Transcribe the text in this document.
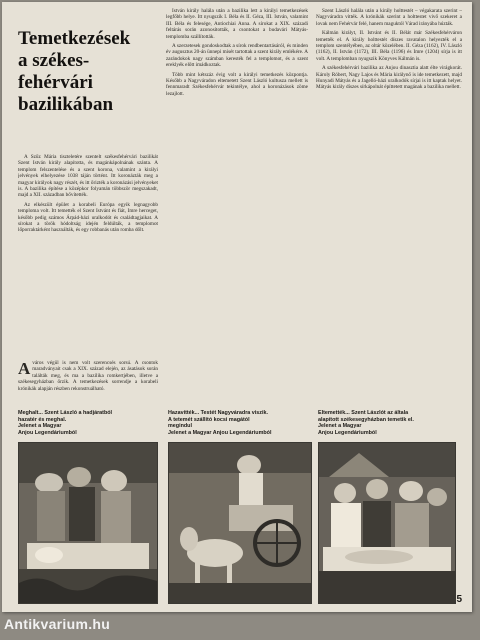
Temetkezések
a székes-
fehérvári
bazilikában

A Szűz Mária tiszteletére szentelt székesfehérvári bazilikát Szent István király alapította, és magánkápolnának szánta. A templom felszentelése és a szent korona, valamint a királyi jelvények elhelyezése 1038 táján történt. Itt koronázták meg a magyar királyok nagy részét, és itt őrizték a koronázási jelvényeket is. A bazilika építése a középkor folyamán többször megszakadt, majd a XII. században bővítették.

Az elkészült épület a korabeli Európa egyik legnagyobb temploma volt. Itt temették el Szent Istvánt és fiát, Imre herceget, később pedig számos Árpád-házi uralkodót és családtagjaikat. A sírokat a török hódoltság idején feldúlták, a templomot lőporraktárként használták, és egy robbanás után romba dőlt.

Aváros végül is nem volt szerencsés sorsú. A csontok maradványait csak a XIX. század elején, az ásatások során találták meg, és ma a bazilika romkertjében, illetve a székesegyházban őrzik. A temetkezések sorrendje a korabeli krónikák alapján részben rekonstruálható.

István király halála után a bazilika lett a királyi temetkezések legfőbb helye. Itt nyugszik I. Béla és II. Géza, III. István, valamint III. Béla és felesége, Antiochiai Anna. A sírokat a XIX. századi feltárás során azonosították, a csontokat a budavári Mátyás-templomba szállították.

A szerzetesek gondoskodtak a sírok rendbentartásáról, és minden év augusztus 20-án ünnepi misét tartottak a szent király emlékére. A zarándokok nagy számban keresték fel a templomot, és a szent ereklyék előtt imádkoztak.

Több mint kétszáz évig volt a királyi temetkezés központja. Később a Nagyváradon eltemetett Szent László kultusza mellett is fennmaradt Székesfehérvár tekintélye, ahol a koronázások zöme lezajlott.

Szent László halála után a király holttestét – végakarata szerint – Nagyváradra vitték. A krónikák szerint a holttestet vivő szekeret a lovak nem Fehérvár felé, hanem maguktól Várad irányába húzták.

Kálmán királyt, II. Istvánt és II. Bélát már Székesfehérváron temették el. A király holttestét díszes ravatalon helyezték el a templom szentélyében, az oltár közelében. II. Géza (1162), IV. László (1162), II. István (1172), III. Béla (1196) és Imre (1204) sírja is itt volt. A templomban nyugszik Könyves Kálmán is.

A székesfehérvári bazilika az Anjou dinasztia alatt élte virágkorát. Károly Róbert, Nagy Lajos és Mária királynő is ide temetkezett, majd Hunyadi Mátyás és a Jagelló-házi uralkodók sírjai is itt kaptak helyet. Mátyás király díszes sírkápolnát építtetett magának a bazilika mellett.

Meghalt... Szent László a hadjáratból
hazatér és meghal.
Jelenet a Magyar
Anjou Legendáriumból
Hazavitték... Testét Nagyváradra viszik.
A tetemét szállító kocsi magától
megindul
Jelenet a Magyar Anjou Legendáriumból
Eltemették... Szent Lászlót az általa
alapított székesegyházban temetik el.
Jelenet a Magyar
Anjou Legendáriumból
5
Antikvarium.hu
